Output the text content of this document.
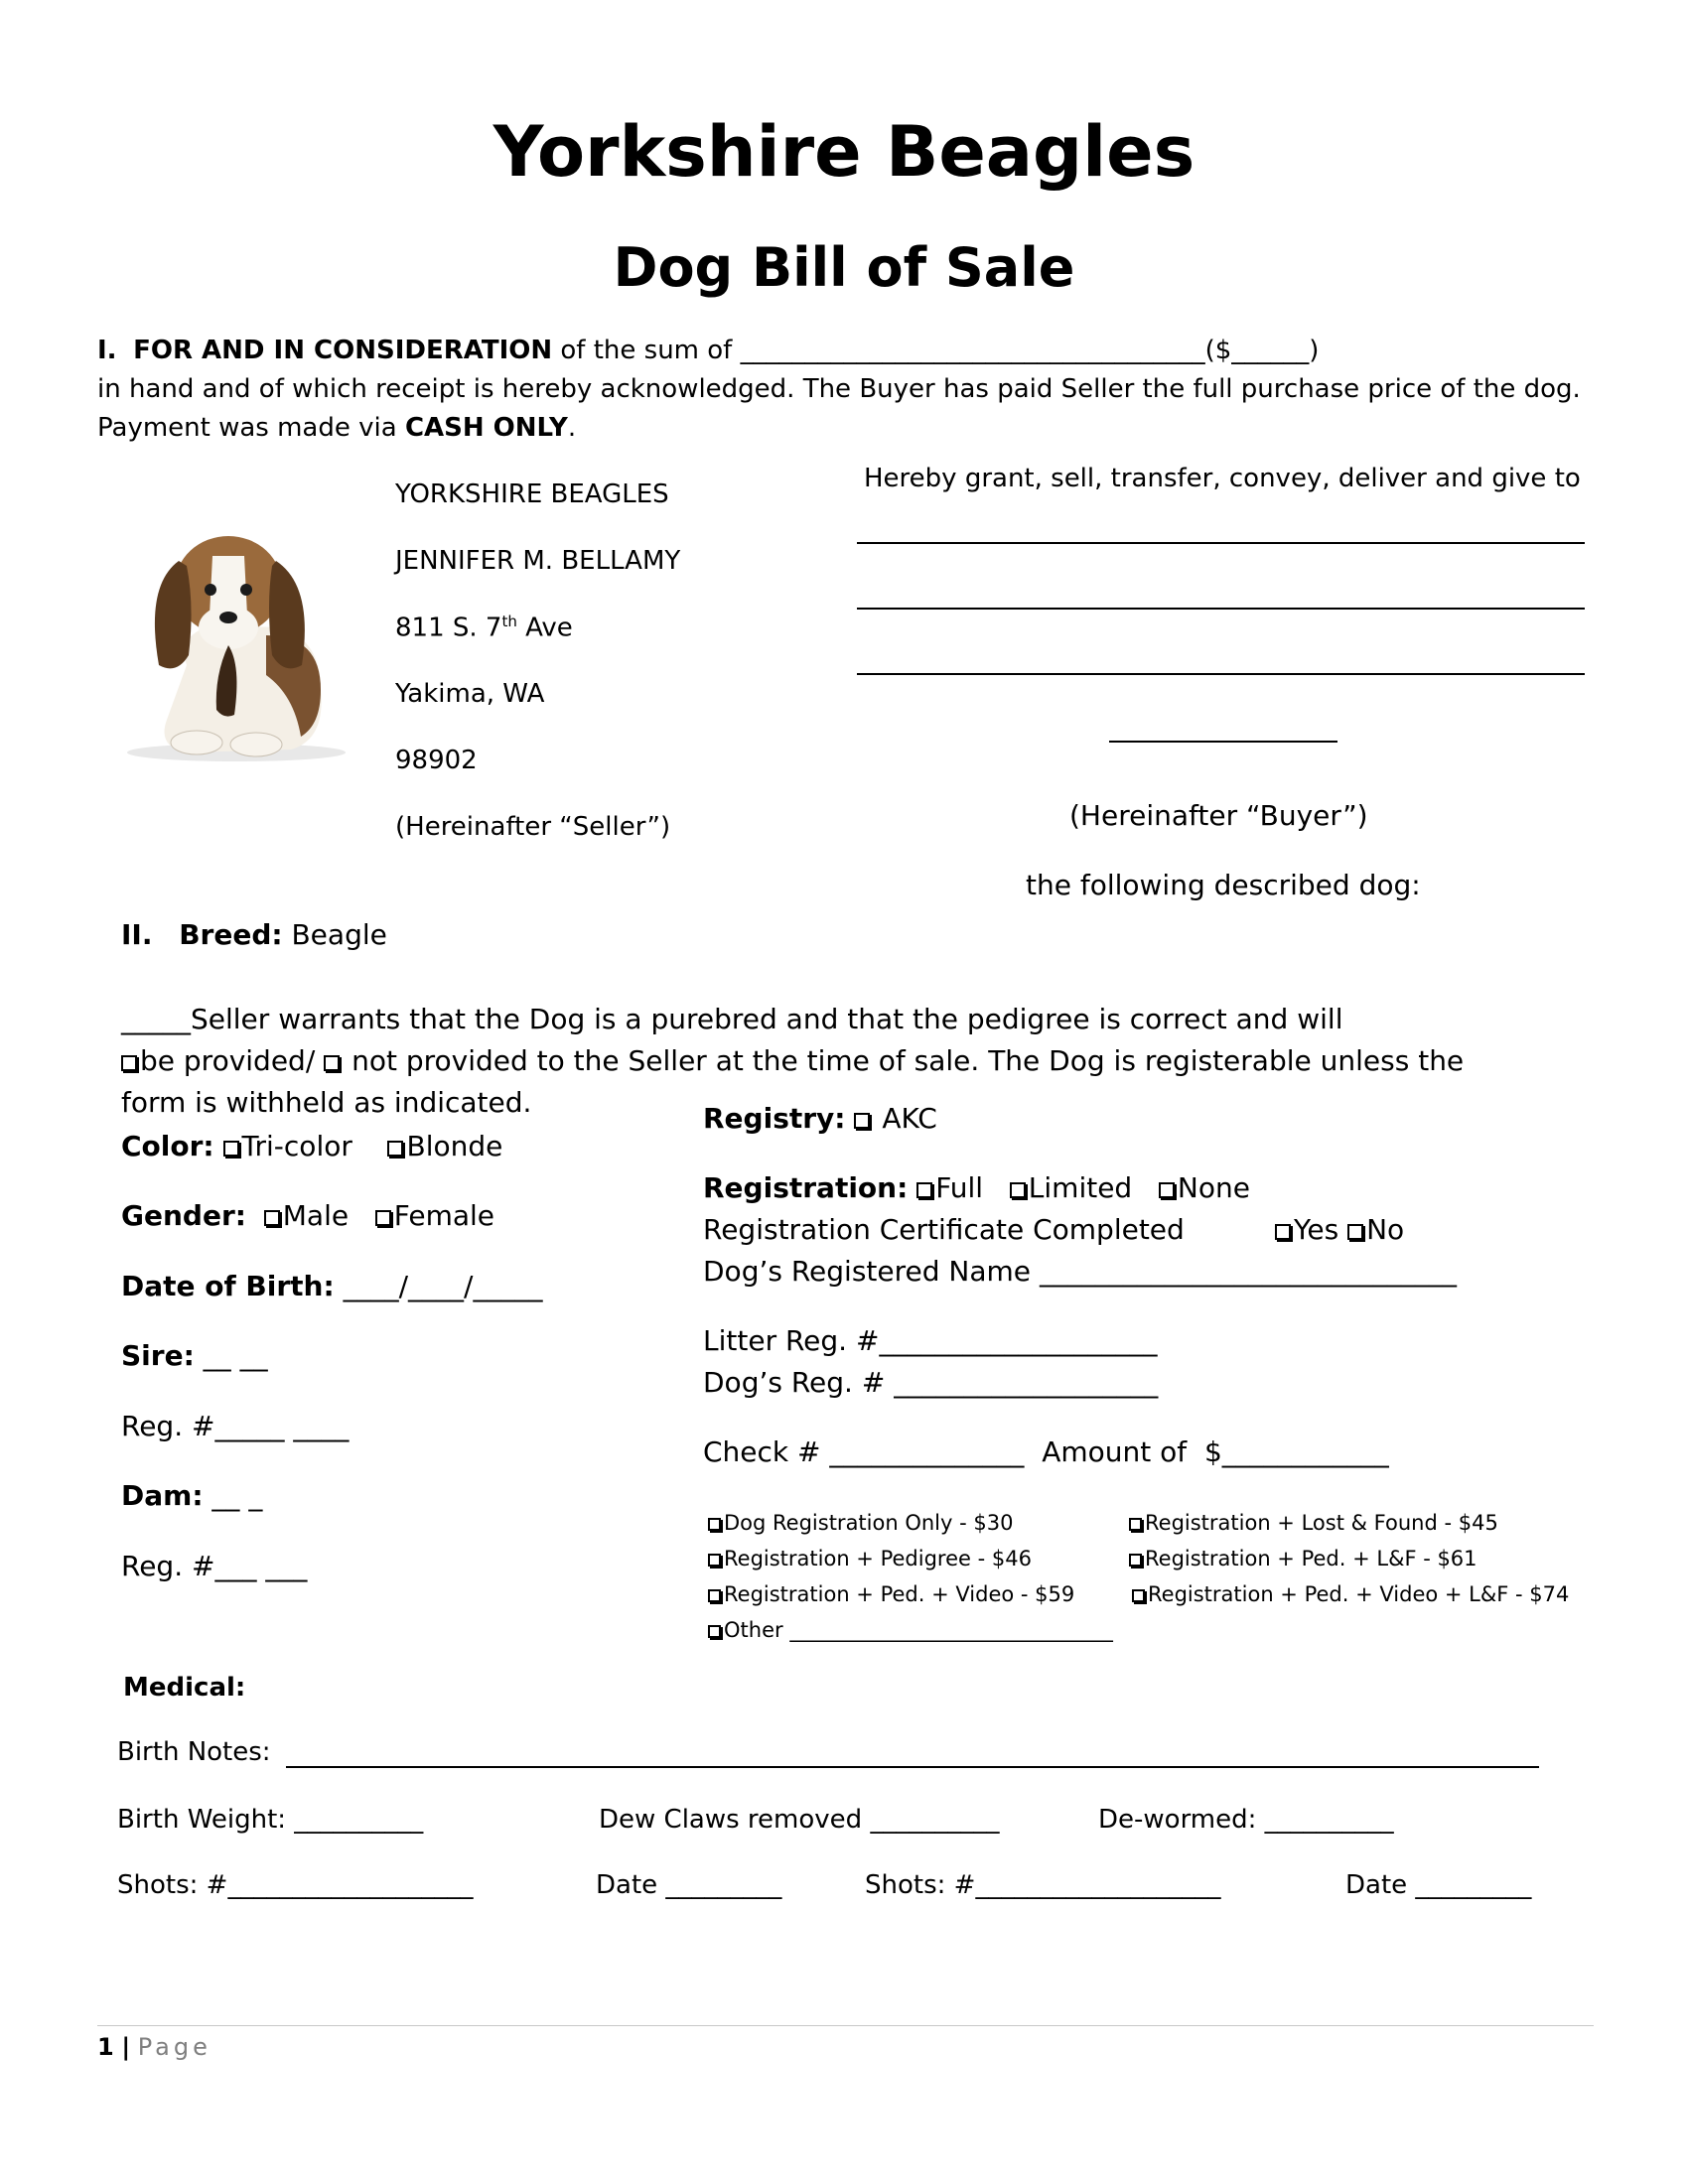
Yorkshire Beagles
Dog Bill of Sale
I. FOR AND IN CONSIDERATION of the sum of ____________________________________($______)
in hand and of which receipt is hereby acknowledged. The Buyer has paid Seller the full purchase price of the dog.
Payment was made via CASH ONLY.
YORKSHIRE BEAGLES
JENNIFER M. BELLAMY
811 S. 7th Ave
Yakima, WA
98902
(Hereinafter “Seller”)
Hereby grant, sell, transfer, convey, deliver and give to
(Hereinafter “Buyer”)
the following described dog:
II. Breed: Beagle
_____Seller warrants that the Dog is a purebred and that the pedigree is correct and will
be provided/ not provided to the Seller at the time of sale. The Dog is registerable unless the
form is withheld as indicated.
Color: Tri-color Blonde
Gender: Male Female
Date of Birth: ____/____/_____
Sire: __ __
Reg. #_____ ____
Dam: __ _
Reg. #___ ___
Registry: AKC
Registration: Full Limited None
Registration Certificate Completed	Yes No
Dog’s Registered Name ______________________________
Litter Reg. #____________________
Dog’s Reg. # ___________________
Check # ______________ Amount of $____________
Dog Registration Only - $30	Registration + Lost & Found - $45
Registration + Pedigree - $46	Registration + Ped. + L&F - $61
Registration + Ped. + Video - $59	Registration + Ped. + Video + L&F - $74
Other _______________________________
Medical:
Birth Notes:
Birth Weight: __________	Dew Claws removed __________	De-wormed: __________
Shots: #___________________	Date _________	Shots: #___________________	Date _________
1 | Page
